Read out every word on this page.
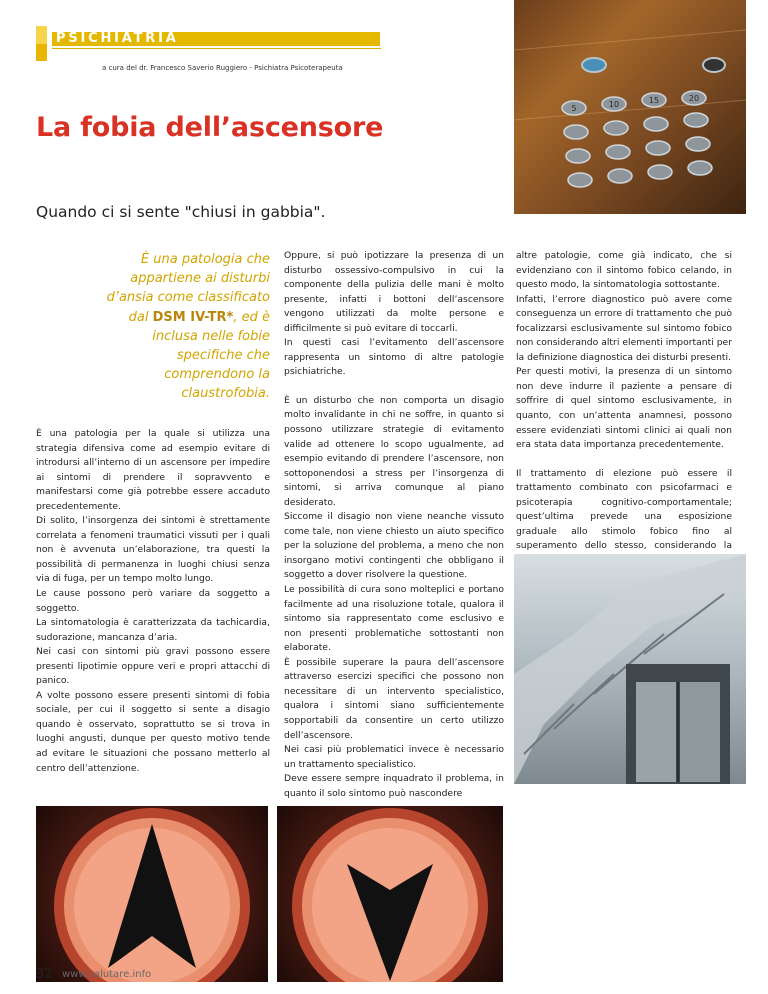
PSICHIATRIA
a cura del dr. Francesco Saverio Ruggiero - Psichiatra Psicoterapeuta
La fobia dell’ascensore
Quando ci si sente "chiusi in gabbia".
È una patologia che appartiene ai disturbi d’ansia come classificato dal DSM IV-TR*, ed è inclusa nelle fobie specifiche che comprendono la claustrofobia.

È una patologia per la quale si utilizza una strategia difensiva come ad esempio evitare di introdursi all’interno di un ascensore per impedire ai sintomi di prendere il sopravvento e manifestarsi come già potrebbe essere accaduto precedentemente.

Di solito, l’insorgenza dei sintomi è strettamente correlata a fenomeni traumatici vissuti per i quali non è avvenuta un’elaborazione, tra questi la possibilità di permanenza in luoghi chiusi senza via di fuga, per un tempo molto lungo.

Le cause possono però variare da soggetto a soggetto.

La sintomatologia è caratterizzata da tachicardia, sudorazione, mancanza d’aria.

Nei casi con sintomi più gravi possono essere presenti lipotimie oppure veri e propri attacchi di panico.

A volte possono essere presenti sintomi di fobia sociale, per cui il soggetto si sente a disagio quando è osservato, soprattutto se si trova in luoghi angusti, dunque per questo motivo tende ad evitare le situazioni che possano metterlo al centro dell’attenzione.

Oppure, si può ipotizzare la presenza di un disturbo ossessivo-compulsivo in cui la componente della pulizia delle mani è molto presente, infatti i bottoni dell’ascensore vengono utilizzati da molte persone e difficilmente si può evitare di toccarli.

In questi casi l’evitamento dell’ascensore rappresenta un sintomo di altre patologie psichiatriche.

È un disturbo che non comporta un disagio molto invalidante in chi ne soffre, in quanto si possono utilizzare strategie di evitamento valide ad ottenere lo scopo ugualmente, ad esempio evitando di prendere l’ascensore, non sottoponendosi a stress per l’insorgenza di sintomi, si arriva comunque al piano desiderato.

Siccome il disagio non viene neanche vissuto come tale, non viene chiesto un aiuto specifico per la soluzione del problema, a meno che non insorgano motivi contingenti che obbligano il soggetto a dover risolvere la questione.

Le possibilità di cura sono molteplici e portano facilmente ad una risoluzione totale, qualora il sintomo sia rappresentato come esclusivo e non presenti problematiche sottostanti non elaborate.

È possibile superare la paura dell’ascensore attraverso esercizi specifici che possono non necessitare di un intervento specialistico, qualora i sintomi siano sufficientemente sopportabili da consentire un certo utilizzo dell’ascensore.

Nei casi più problematici invece è necessario un trattamento specialistico.

Deve essere sempre inquadrato il problema, in quanto il solo sintomo può nascondere

altre patologie, come già indicato, che si evidenziano con il sintomo fobico celando, in questo modo, la sintomatologia sottostante.

Infatti, l’errore diagnostico può avere come conseguenza un errore di trattamento che può focalizzarsi esclusivamente sul sintomo fobico non considerando altri elementi importanti per la definizione diagnostica dei disturbi presenti.

Per questi motivi, la presenza di un sintomo non deve indurre il paziente a pensare di soffrire di quel sintomo esclusivamente, in quanto, con un’attenta anamnesi, possono essere evidenziati sintomi clinici ai quali non era stata data importanza precedentemente.

Il trattamento di elezione può essere il trattamento combinato con psicofarmaci e psicoterapia cognitivo-comportamentale; quest’ultima prevede una esposizione graduale allo stimolo fobico fino al superamento dello stesso, considerando la

5	10	15	20
32 www.salutare.info
